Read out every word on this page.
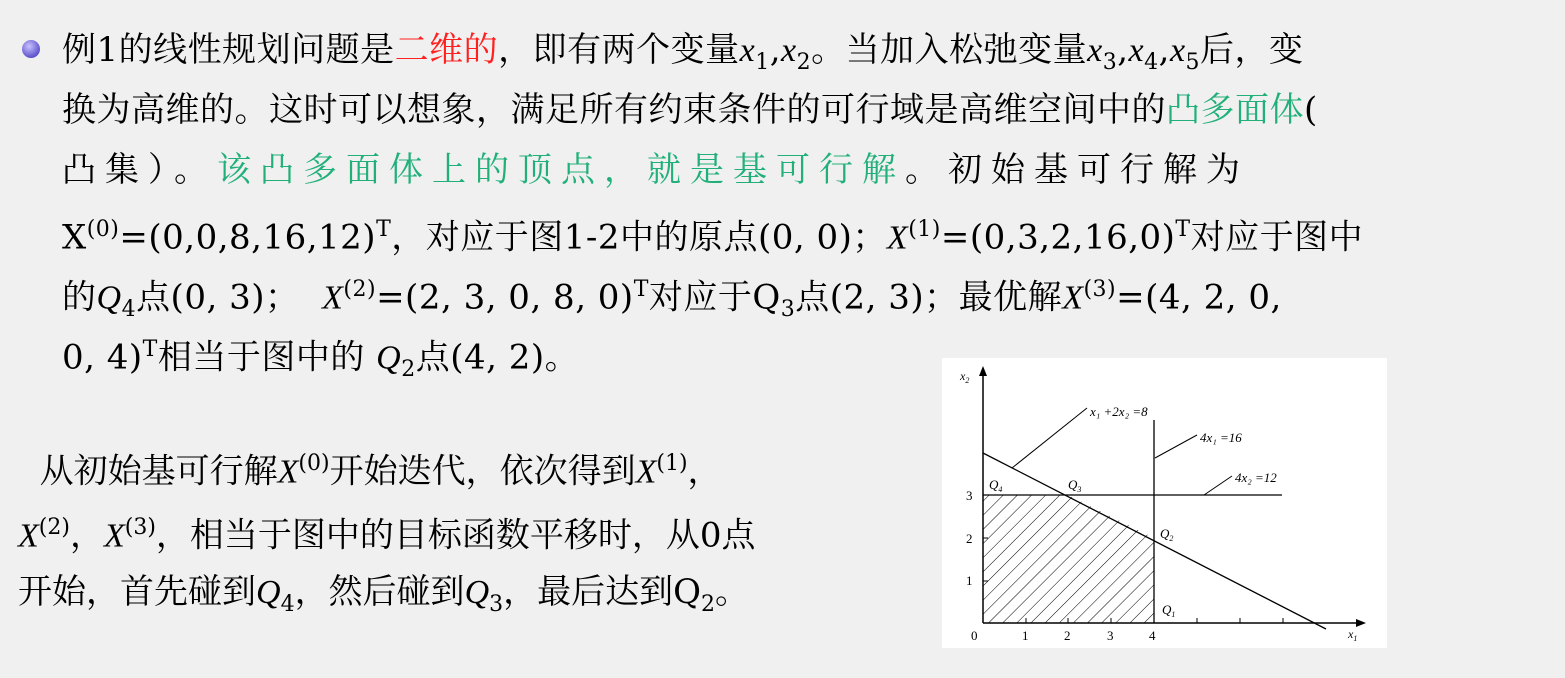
例1的线性规划问题是二维的，即有两个变量$x_1,x_2$。当加入松弛变量$x_3,x_4,x_5$后，变
换为高维的。这时可以想象，满足所有约束条件的可行域是高维空间中的凸多面体(
凸集）。该凸多面体上的顶点，就是基可行解。初始基可行解为
$X^{(0)}=(0,0,8,16,12)^T$，对应于图1-2中的原点(0, 0)；$X^{(1)}=(0,3,2,16,0)^T$对应于图中
的$Q_4$点(0, 3)； $X^{(2)}=(2$, 3, 0, 8, 0)$^T$对应于$Q_3$点(2, 3)；最优解$X^{(3)}=(4$, 2, 0,
0, 4)$^T$相当于图中的 $Q_2$点(4, 2)。
从初始基可行解$X^{(0)}$开始迭代，依次得到$X^{(1)}$，
$X^{(2)}$，$X^{(3)}$，相当于图中的目标函数平移时，从0点
开始，首先碰到$Q_4$，然后碰到$Q_3$，最后达到$Q_2$。
$x_2$
$x_1$
x₁ +2x₂ =8
4x₁ =16
4x₂ =12
$Q_4$	$Q_3$
$Q_2$
$Q_1$
0	1	2	3	4
1
2
3
